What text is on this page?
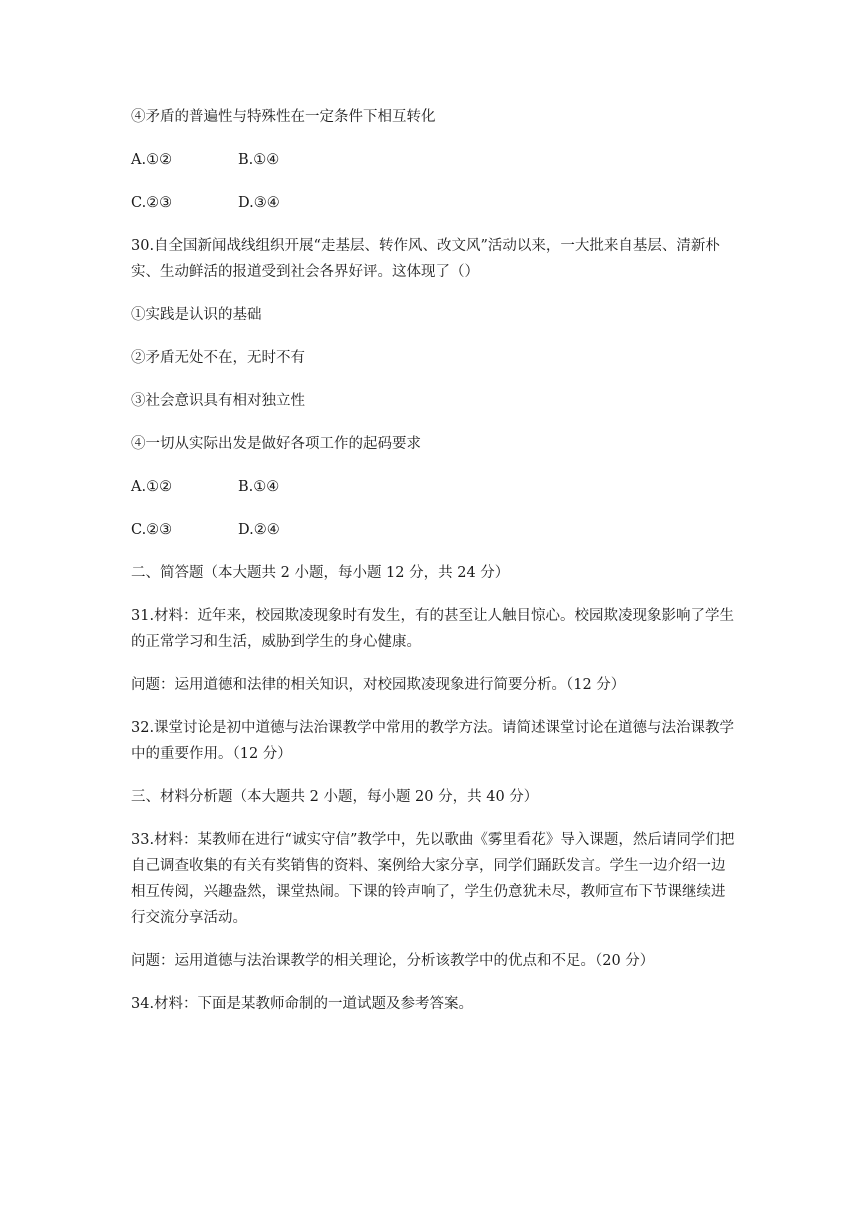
④矛盾的普遍性与特殊性在一定条件下相互转化

A.①②	B.①④
C.②③	D.③④

30.自全国新闻战线组织开展“走基层、转作风、改文风”活动以来，一大批来自基层、清新朴实、生动鲜活的报道受到社会各界好评。这体现了（）

①实践是认识的基础

②矛盾无处不在，无时不有

③社会意识具有相对独立性

④一切从实际出发是做好各项工作的起码要求

A.①②	B.①④
C.②③	D.②④

二、简答题（本大题共 2 小题，每小题 12 分，共 24 分）

31.材料：近年来，校园欺凌现象时有发生，有的甚至让人触目惊心。校园欺凌现象影响了学生的正常学习和生活，威胁到学生的身心健康。

问题：运用道德和法律的相关知识，对校园欺凌现象进行简要分析。（12 分）

32.课堂讨论是初中道德与法治课教学中常用的教学方法。请简述课堂讨论在道德与法治课教学中的重要作用。（12 分）

三、材料分析题（本大题共 2 小题，每小题 20 分，共 40 分）

33.材料：某教师在进行“诚实守信”教学中，先以歌曲《雾里看花》导入课题，然后请同学们把自己调查收集的有关有奖销售的资料、案例给大家分享，同学们踊跃发言。学生一边介绍一边相互传阅，兴趣盎然，课堂热闹。下课的铃声响了，学生仍意犹未尽，教师宣布下节课继续进行交流分享活动。

问题：运用道德与法治课教学的相关理论，分析该教学中的优点和不足。（20 分）

34.材料：下面是某教师命制的一道试题及参考答案。
